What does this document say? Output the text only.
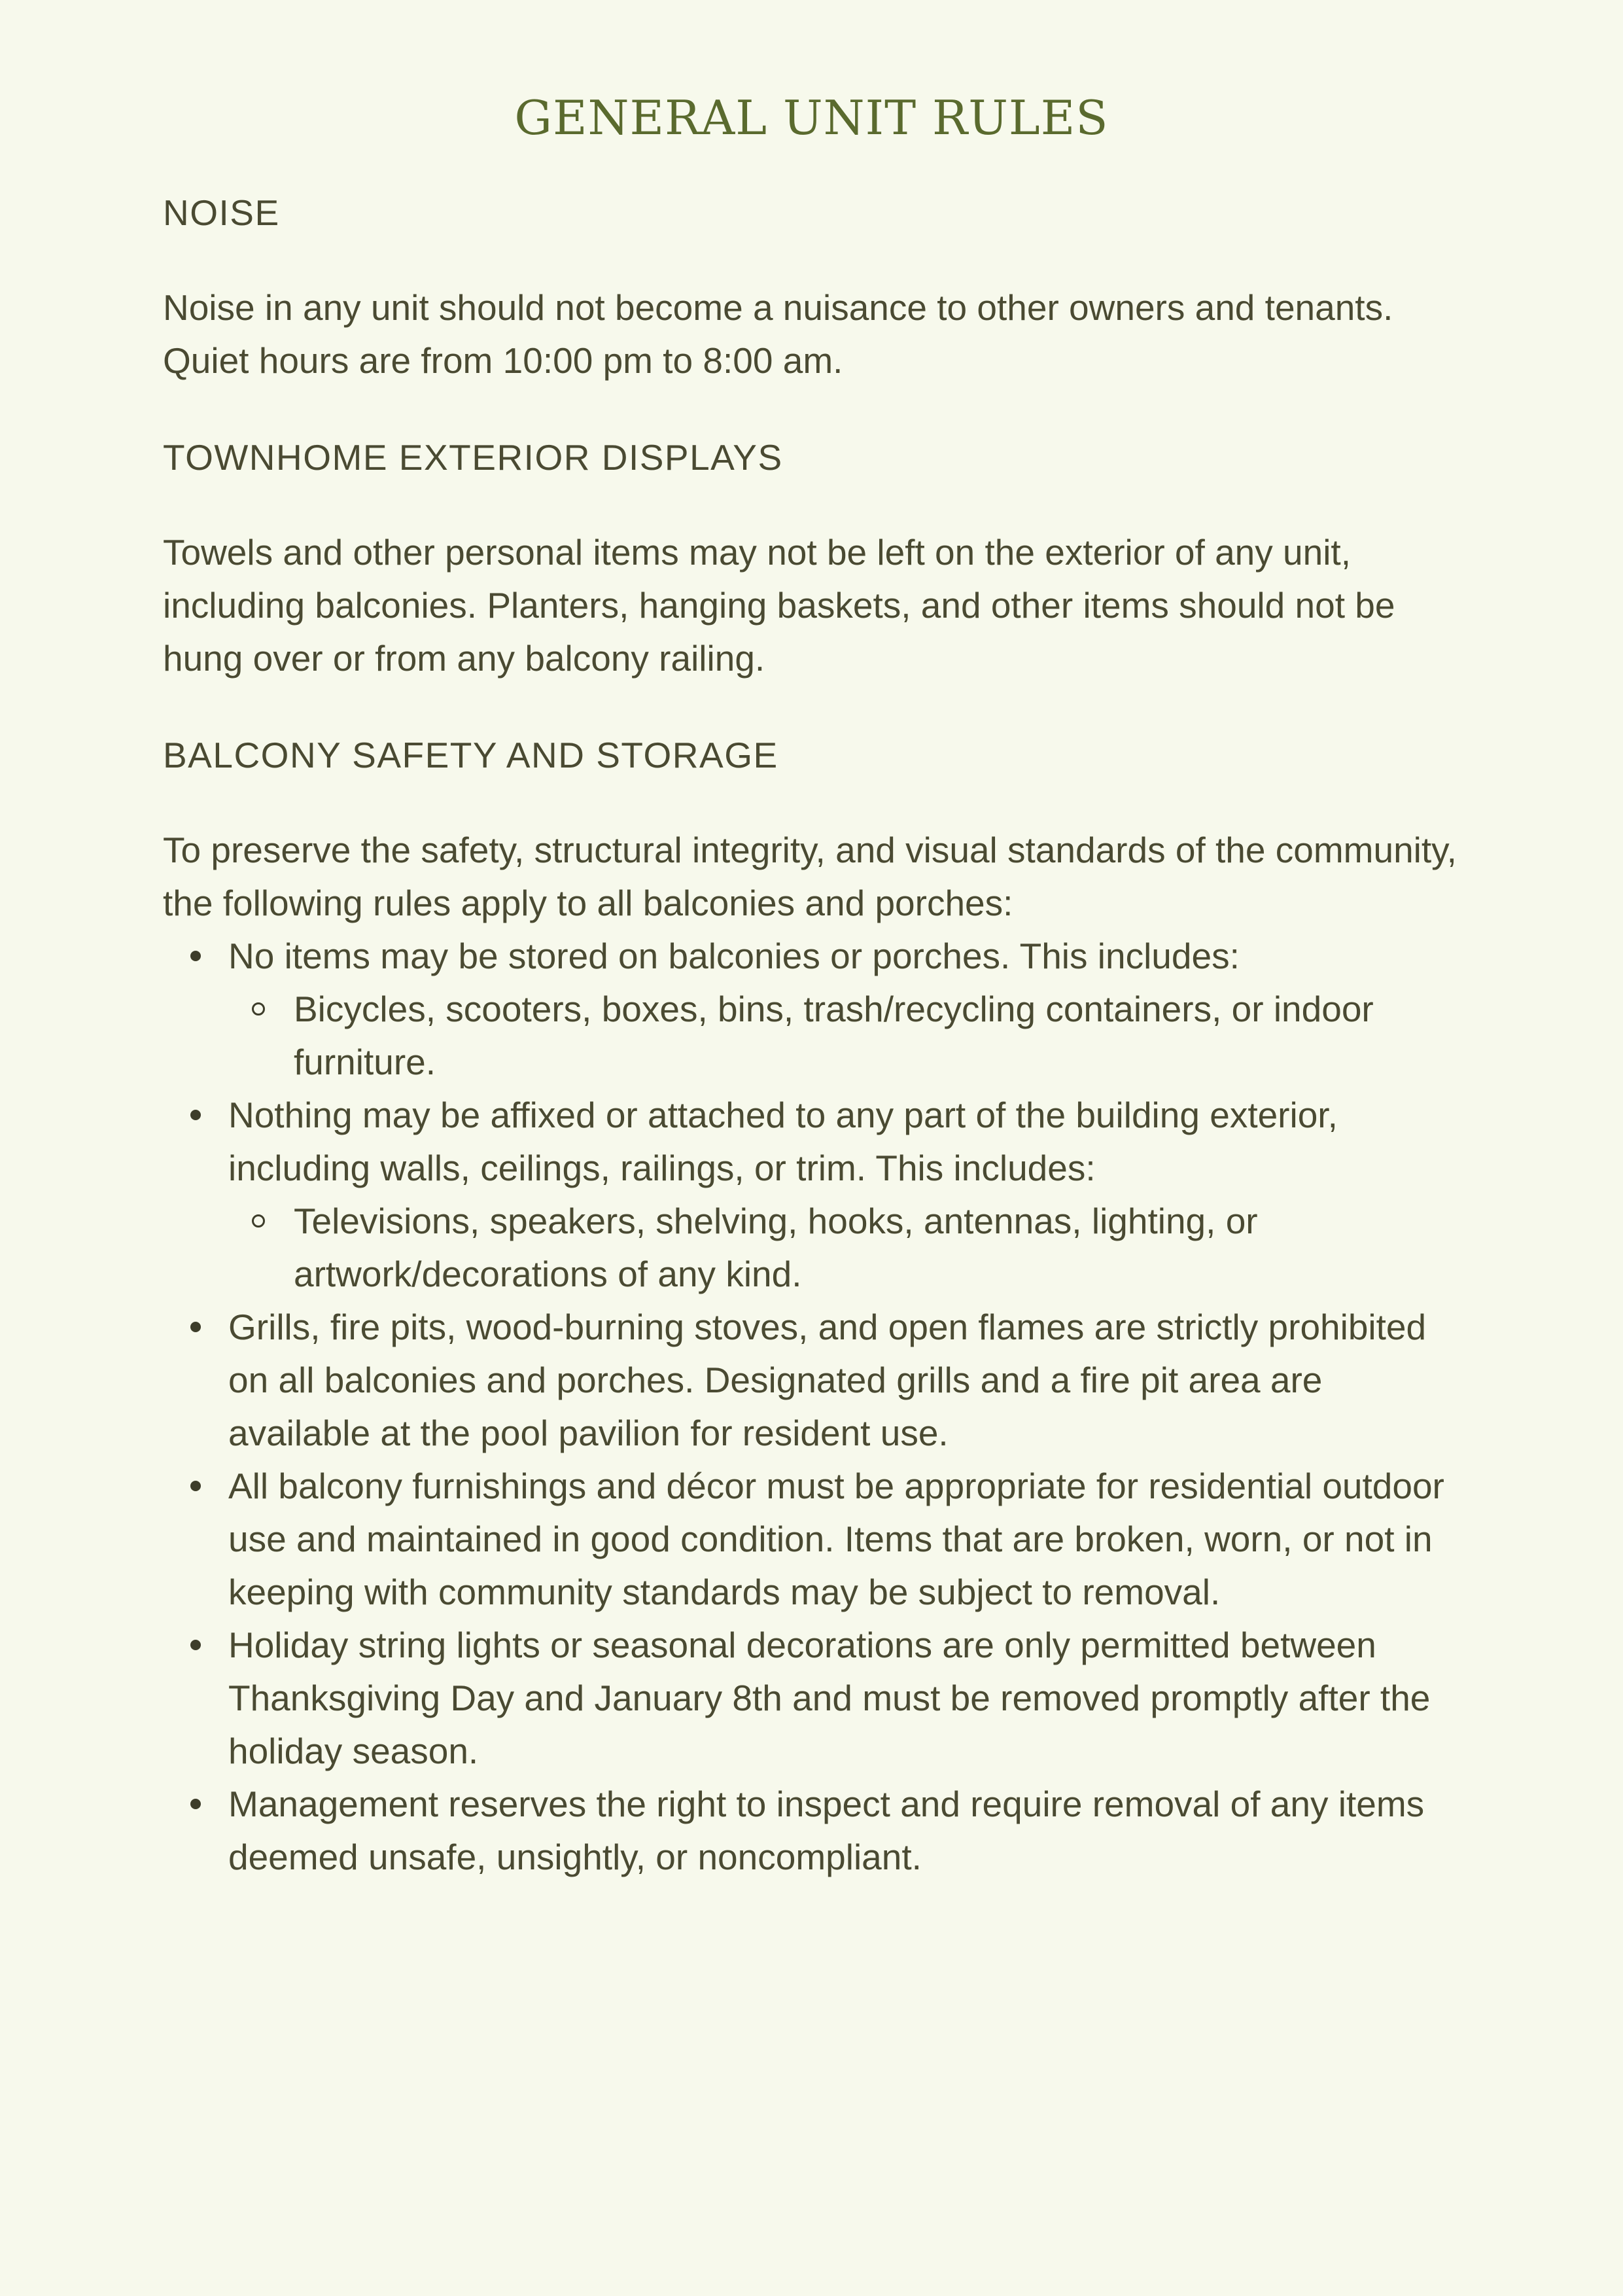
GENERAL UNIT RULES
NOISE

Noise in any unit should not become a nuisance to other owners and tenants. Quiet hours are from 10:00 pm to 8:00 am.

TOWNHOME EXTERIOR DISPLAYS

Towels and other personal items may not be left on the exterior of any unit, including balconies. Planters, hanging baskets, and other items should not be hung over or from any balcony railing.

BALCONY SAFETY AND STORAGE

To preserve the safety, structural integrity, and visual standards of the community, the following rules apply to all balconies and porches:

No items may be stored on balconies or porches. This includes:
Bicycles, scooters, boxes, bins, trash/recycling containers, or indoor furniture.
Nothing may be affixed or attached to any part of the building exterior, including walls, ceilings, railings, or trim. This includes:
Televisions, speakers, shelving, hooks, antennas, lighting, or artwork/decorations of any kind.
Grills, fire pits, wood-burning stoves, and open flames are strictly prohibited on all balconies and porches. Designated grills and a fire pit area are available at the pool pavilion for resident use.
All balcony furnishings and décor must be appropriate for residential outdoor use and maintained in good condition. Items that are broken, worn, or not in keeping with community standards may be subject to removal.
Holiday string lights or seasonal decorations are only permitted between Thanksgiving Day and January 8th and must be removed promptly after the holiday season.
Management reserves the right to inspect and require removal of any items deemed unsafe, unsightly, or noncompliant.
